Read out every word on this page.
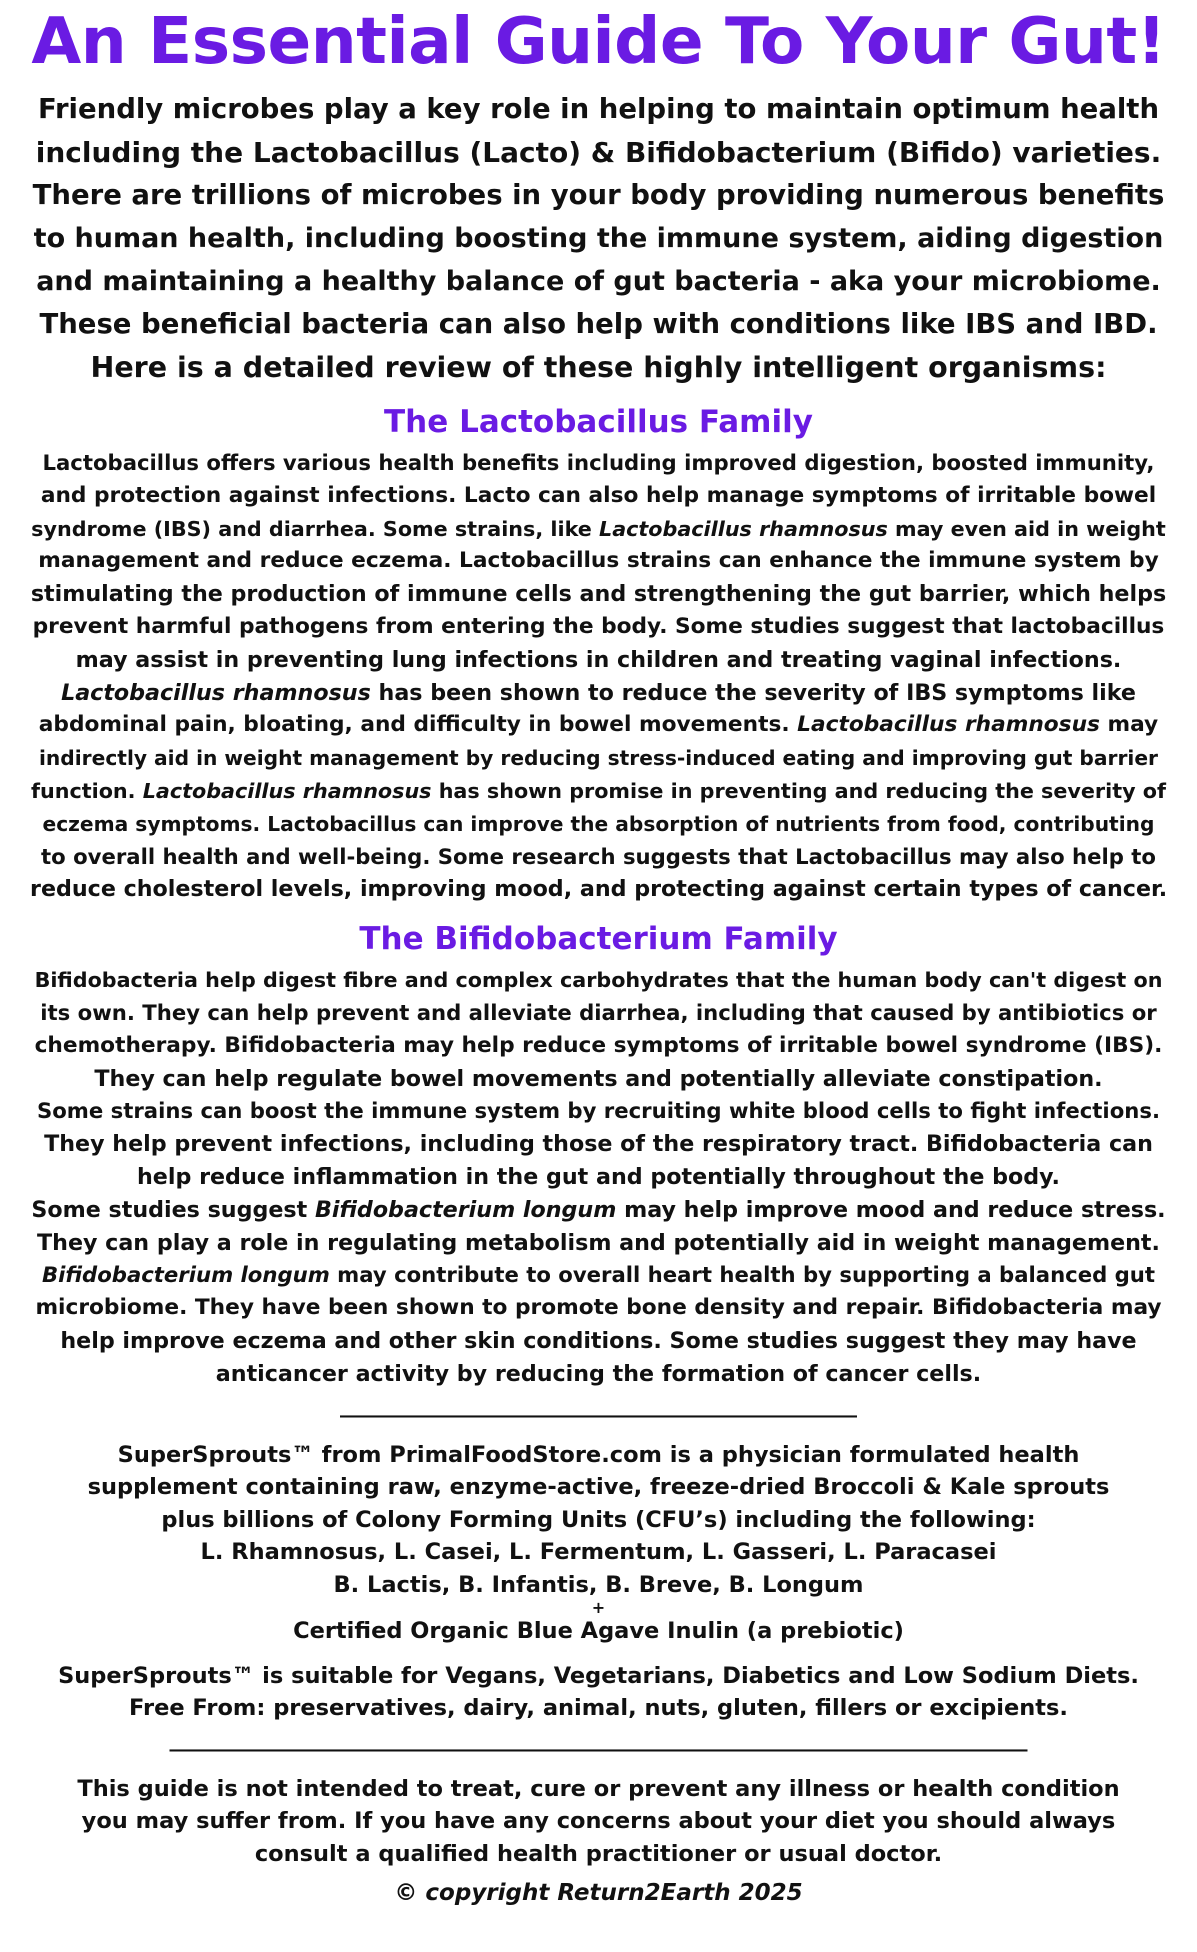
An Essential Guide To Your Gut!
Friendly microbes play a key role in helping to maintain optimum health
including the Lactobacillus (Lacto) & Bifidobacterium (Bifido) varieties.
There are trillions of microbes in your body providing numerous benefits
to human health, including boosting the immune system, aiding digestion
and maintaining a healthy balance of gut bacteria - aka your microbiome.
These beneficial bacteria can also help with conditions like IBS and IBD.
Here is a detailed review of these highly intelligent organisms:
The Lactobacillus Family

Lactobacillus offers various health benefits including improved digestion, boosted immunity,
and protection against infections. Lacto can also help manage symptoms of irritable bowel
syndrome (IBS) and diarrhea. Some strains, like Lactobacillus rhamnosus may even aid in weight
management and reduce eczema. Lactobacillus strains can enhance the immune system by
stimulating the production of immune cells and strengthening the gut barrier, which helps
prevent harmful pathogens from entering the body. Some studies suggest that lactobacillus
may assist in preventing lung infections in children and treating vaginal infections.
Lactobacillus rhamnosus has been shown to reduce the severity of IBS symptoms like
abdominal pain, bloating, and difficulty in bowel movements. Lactobacillus rhamnosus may
indirectly aid in weight management by reducing stress-induced eating and improving gut barrier
function. Lactobacillus rhamnosus has shown promise in preventing and reducing the severity of
eczema symptoms. Lactobacillus can improve the absorption of nutrients from food, contributing
to overall health and well-being. Some research suggests that Lactobacillus may also help to
reduce cholesterol levels, improving mood, and protecting against certain types of cancer.

The Bifidobacterium Family

Bifidobacteria help digest fibre and complex carbohydrates that the human body can't digest on
its own. They can help prevent and alleviate diarrhea, including that caused by antibiotics or
chemotherapy. Bifidobacteria may help reduce symptoms of irritable bowel syndrome (IBS).
They can help regulate bowel movements and potentially alleviate constipation.
Some strains can boost the immune system by recruiting white blood cells to fight infections.
They help prevent infections, including those of the respiratory tract. Bifidobacteria can
help reduce inflammation in the gut and potentially throughout the body.
Some studies suggest Bifidobacterium longum may help improve mood and reduce stress.
They can play a role in regulating metabolism and potentially aid in weight management.
Bifidobacterium longum may contribute to overall heart health by supporting a balanced gut
microbiome. They have been shown to promote bone density and repair. Bifidobacteria may
help improve eczema and other skin conditions. Some studies suggest they may have
anticancer activity by reducing the formation of cancer cells.

_______________________________________________
SuperSprouts™ from PrimalFoodStore.com is a physician formulated health
supplement containing raw, enzyme-active, freeze-dried Broccoli & Kale sprouts
plus billions of Colony Forming Units (CFU’s) including the following:
L. Rhamnosus, L. Casei, L. Fermentum, L. Gasseri, L. Paracasei
B. Lactis, B. Infantis, B. Breve, B. Longum
+
Certified Organic Blue Agave Inulin (a prebiotic)
SuperSprouts™ is suitable for Vegans, Vegetarians, Diabetics and Low Sodium Diets.
Free From: preservatives, dairy, animal, nuts, gluten, fillers or excipients.
______________________________________________________________________________
This guide is not intended to treat, cure or prevent any illness or health condition
you may suffer from. If you have any concerns about your diet you should always
consult a qualified health practitioner or usual doctor.
© copyright Return2Earth 2025
